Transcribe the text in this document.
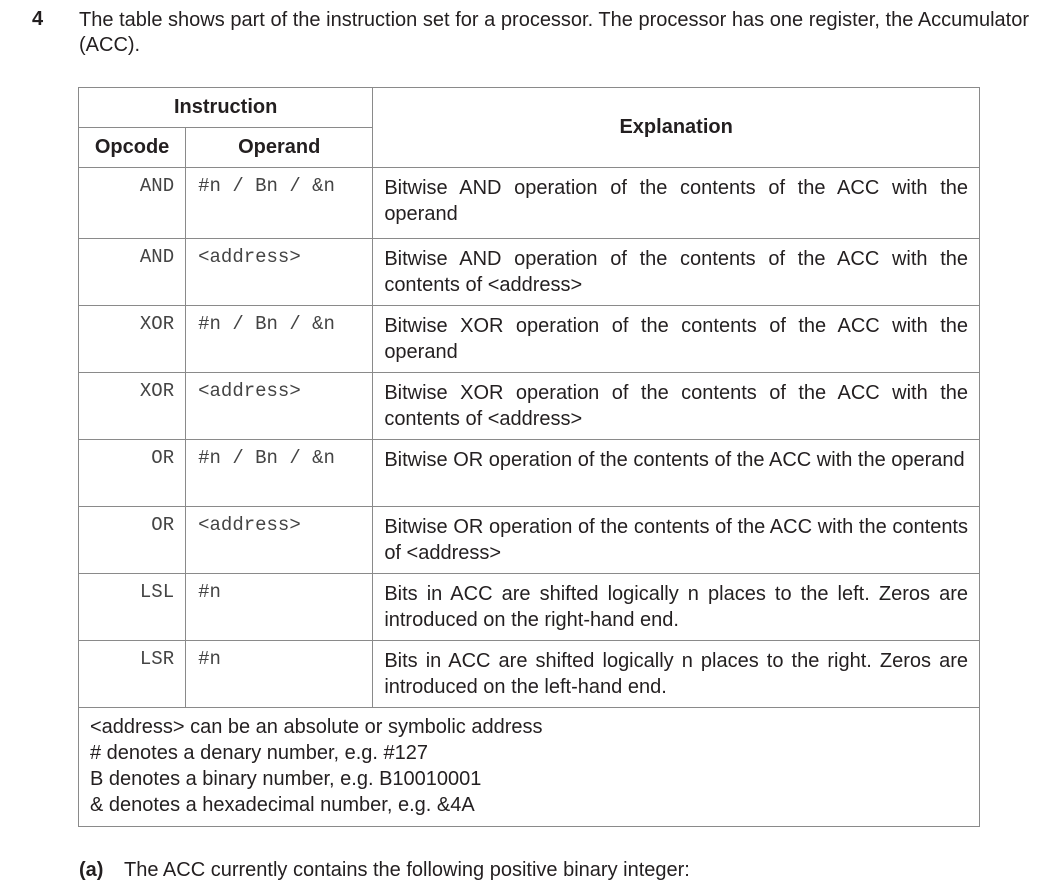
4 The table shows part of the instruction set for a processor. The processor has one register, the Accumulator (ACC).
Instruction		Explanation
Opcode	Operand	
AND	#n / Bn / &n	Bitwise AND operation of the contents of the ACC with the operand
AND	<address>	Bitwise AND operation of the contents of the ACC with the contents of <address>
XOR	#n / Bn / &n	Bitwise XOR operation of the contents of the ACC with the operand
XOR	<address>	Bitwise XOR operation of the contents of the ACC with the contents of <address>
OR	#n / Bn / &n	Bitwise OR operation of the contents of the ACC with the operand
OR	<address>	Bitwise OR operation of the contents of the ACC with the contents of <address>
LSL	#n	Bits in ACC are shifted logically n places to the left. Zeros are introduced on the right-hand end.
LSR	#n	Bits in ACC are shifted logically n places to the right. Zeros are introduced on the left-hand end.

<address> can be an absolute or symbolic address
# denotes a denary number, e.g. #127
B denotes a binary number, e.g. B10010001
& denotes a hexadecimal number, e.g. &4A		
(a) The ACC currently contains the following positive binary integer:
